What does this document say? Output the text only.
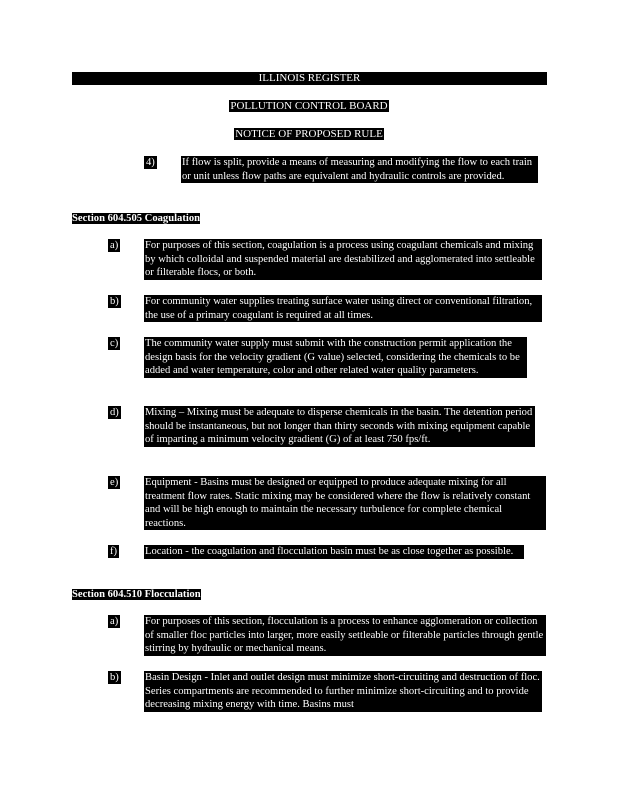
ILLINOIS REGISTER
POLLUTION CONTROL BOARD
NOTICE OF PROPOSED RULE
4)	If flow is split, provide a means of measuring and modifying the flow to each train or unit unless flow paths are equivalent and hydraulic controls are provided.
Section 604.505 Coagulation
a)	For purposes of this section, coagulation is a process using coagulant chemicals and mixing by which colloidal and suspended material are destabilized and agglomerated into settleable or filterable flocs, or both.
b) For community water supplies treating surface water using direct or conventional filtration, the use of a primary coagulant is required at all times.
c)	The community water supply must submit with the construction permit application the design basis for the velocity gradient (G value) selected, considering the chemicals to be added and water temperature, color and other related water quality parameters.
d) Mixing – Mixing must be adequate to disperse chemicals in the basin. The detention period should be instantaneous, but not longer than thirty seconds with mixing equipment capable of imparting a minimum velocity gradient (G) of at least 750 fps/ft.
e)	Equipment - Basins must be designed or equipped to produce adequate mixing for all treatment flow rates. Static mixing may be considered where the flow is relatively constant and will be high enough to maintain the necessary turbulence for complete chemical reactions.
f)	Location - the coagulation and flocculation basin must be as close together as possible.
Section 604.510 Flocculation
a)	For purposes of this section, flocculation is a process to enhance agglomeration or collection of smaller floc particles into larger, more easily settleable or filterable particles through gentle stirring by hydraulic or mechanical means.
b) Basin Design - Inlet and outlet design must minimize short-circuiting and destruction of floc. Series compartments are recommended to further minimize short-circuiting and to provide decreasing mixing energy with time. Basins must
